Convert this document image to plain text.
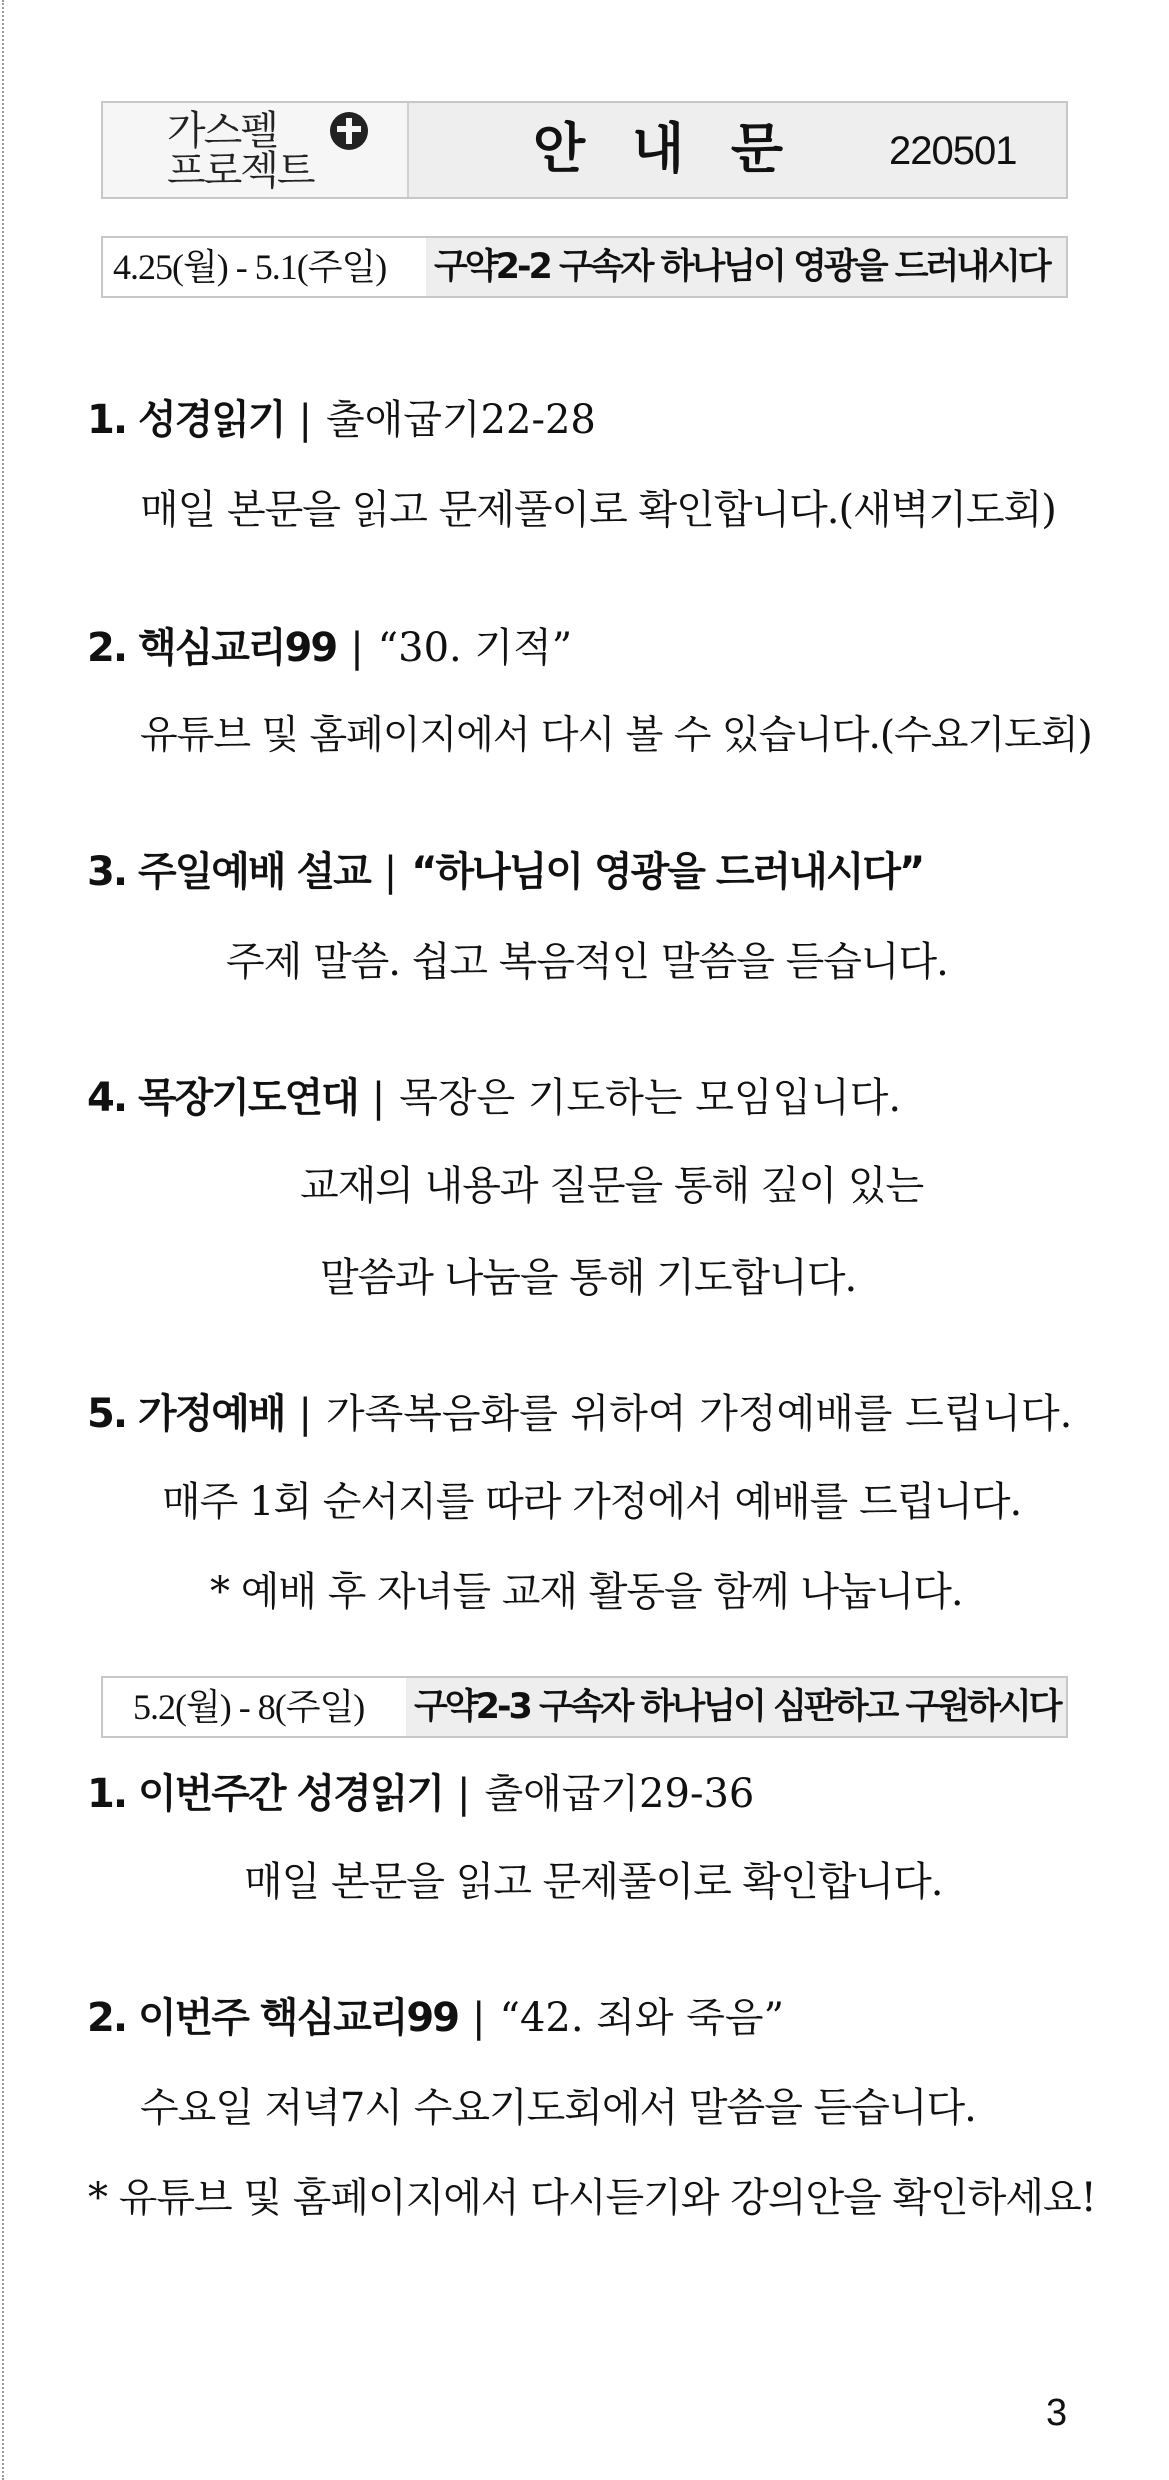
가스펠
프로젝트	안 내 문 220501
4.25(월) - 5.1(주일) 구약2-2 구속자 하나님이 영광을 드러내시다
1. 성경읽기 | 출애굽기22-28
매일 본문을 읽고 문제풀이로 확인합니다.(새벽기도회)
2. 핵심교리99 | “30. 기적”
유튜브 및 홈페이지에서 다시 볼 수 있습니다.(수요기도회)
3. 주일예배 설교 | “하나님이 영광을 드러내시다”
주제 말씀. 쉽고 복음적인 말씀을 듣습니다.
4. 목장기도연대 | 목장은 기도하는 모임입니다.
교재의 내용과 질문을 통해 깊이 있는
말씀과 나눔을 통해 기도합니다.
5. 가정예배 | 가족복음화를 위하여 가정예배를 드립니다.
매주 1회 순서지를 따라 가정에서 예배를 드립니다.
* 예배 후 자녀들 교재 활동을 함께 나눕니다.
5.2(월) - 8(주일) 구약2-3 구속자 하나님이 심판하고 구원하시다
1. 이번주간 성경읽기 | 출애굽기29-36
매일 본문을 읽고 문제풀이로 확인합니다.
2. 이번주 핵심교리99 | “42. 죄와 죽음”
수요일 저녁7시 수요기도회에서 말씀을 듣습니다.
* 유튜브 및 홈페이지에서 다시듣기와 강의안을 확인하세요!
3
